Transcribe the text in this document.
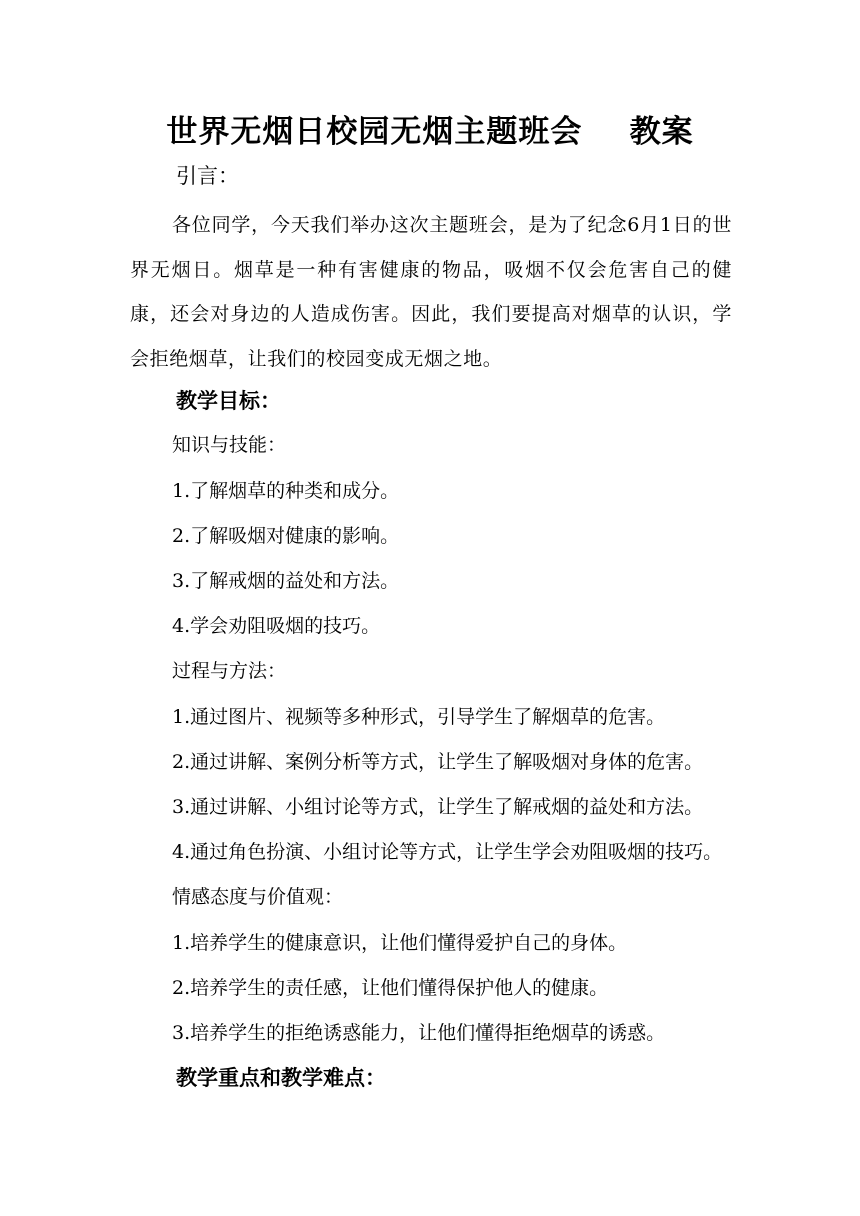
世界无烟日校园无烟主题班会    教案
引言：
各位同学，今天我们举办这次主题班会，是为了纪念6月1日的世界无烟日。烟草是一种有害健康的物品，吸烟不仅会危害自己的健康，还会对身边的人造成伤害。因此，我们要提高对烟草的认识，学会拒绝烟草，让我们的校园变成无烟之地。
教学目标：
知识与技能：
1.了解烟草的种类和成分。
2.了解吸烟对健康的影响。
3.了解戒烟的益处和方法。
4.学会劝阻吸烟的技巧。
过程与方法：
1.通过图片、视频等多种形式，引导学生了解烟草的危害。
2.通过讲解、案例分析等方式，让学生了解吸烟对身体的危害。
3.通过讲解、小组讨论等方式，让学生了解戒烟的益处和方法。
4.通过角色扮演、小组讨论等方式，让学生学会劝阻吸烟的技巧。
情感态度与价值观：
1.培养学生的健康意识，让他们懂得爱护自己的身体。
2.培养学生的责任感，让他们懂得保护他人的健康。
3.培养学生的拒绝诱惑能力，让他们懂得拒绝烟草的诱惑。
教学重点和教学难点：
